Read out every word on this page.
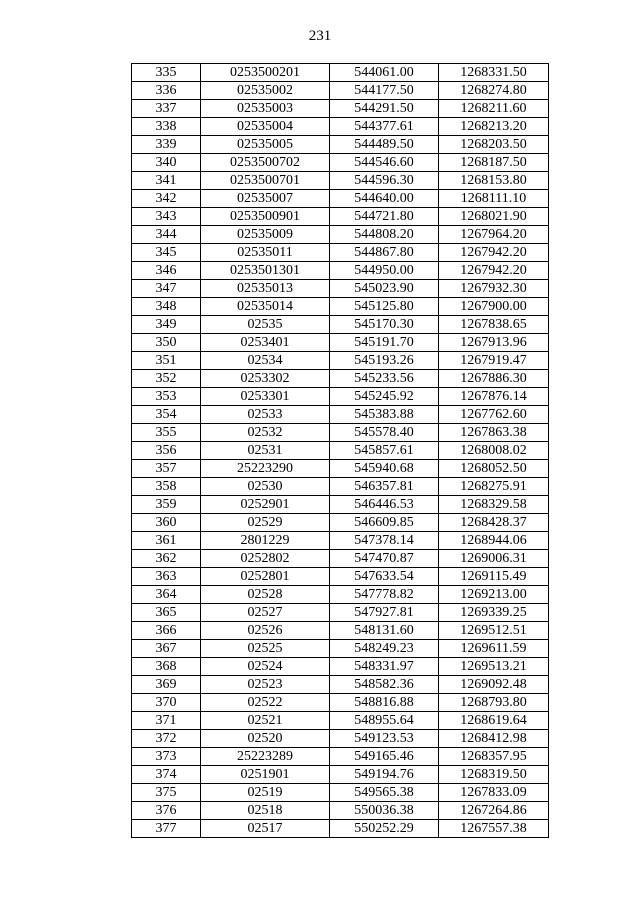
231
335	0253500201	544061.00	1268331.50
336	02535002	544177.50	1268274.80
337	02535003	544291.50	1268211.60
338	02535004	544377.61	1268213.20
339	02535005	544489.50	1268203.50
340	0253500702	544546.60	1268187.50
341	0253500701	544596.30	1268153.80
342	02535007	544640.00	1268111.10
343	0253500901	544721.80	1268021.90
344	02535009	544808.20	1267964.20
345	02535011	544867.80	1267942.20
346	0253501301	544950.00	1267942.20
347	02535013	545023.90	1267932.30
348	02535014	545125.80	1267900.00
349	02535	545170.30	1267838.65
350	0253401	545191.70	1267913.96
351	02534	545193.26	1267919.47
352	0253302	545233.56	1267886.30
353	0253301	545245.92	1267876.14
354	02533	545383.88	1267762.60
355	02532	545578.40	1267863.38
356	02531	545857.61	1268008.02
357	25223290	545940.68	1268052.50
358	02530	546357.81	1268275.91
359	0252901	546446.53	1268329.58
360	02529	546609.85	1268428.37
361	2801229	547378.14	1268944.06
362	0252802	547470.87	1269006.31
363	0252801	547633.54	1269115.49
364	02528	547778.82	1269213.00
365	02527	547927.81	1269339.25
366	02526	548131.60	1269512.51
367	02525	548249.23	1269611.59
368	02524	548331.97	1269513.21
369	02523	548582.36	1269092.48
370	02522	548816.88	1268793.80
371	02521	548955.64	1268619.64
372	02520	549123.53	1268412.98
373	25223289	549165.46	1268357.95
374	0251901	549194.76	1268319.50
375	02519	549565.38	1267833.09
376	02518	550036.38	1267264.86
377	02517	550252.29	1267557.38
